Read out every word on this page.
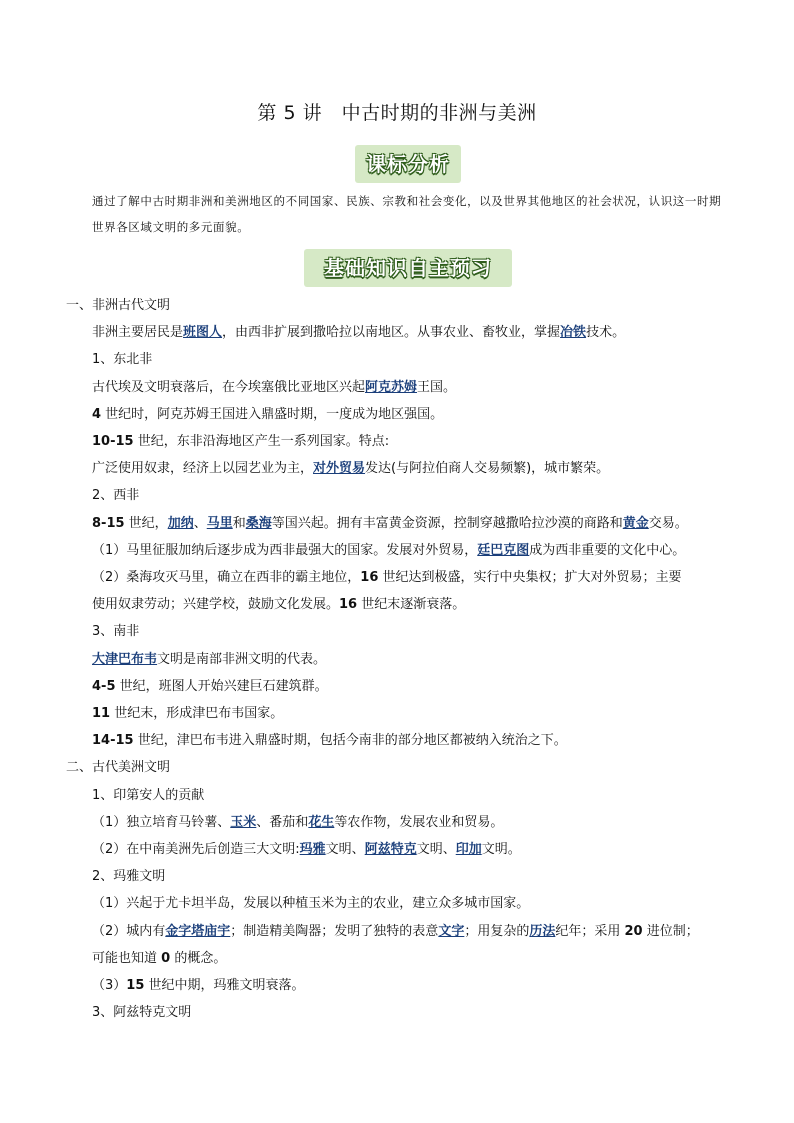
第 5 讲　中古时期的非洲与美洲
课标分析
通过了解中古时期非洲和美洲地区的不同国家、民族、宗教和社会变化，以及世界其他地区的社会状况，认识这一时期世界各区域文明的多元面貌。
基础知识自主预习
一、非洲古代文明
非洲主要居民是班图人，由西非扩展到撒哈拉以南地区。从事农业、畜牧业，掌握冶铁技术。
1、东北非
古代埃及文明衰落后，在今埃塞俄比亚地区兴起阿克苏姆王国。
4 世纪时，阿克苏姆王国进入鼎盛时期，一度成为地区强国。
10-15 世纪，东非沿海地区产生一系列国家。特点:
广泛使用奴隶，经济上以园艺业为主，对外贸易发达(与阿拉伯商人交易频繁)，城市繁荣。
2、西非
8-15 世纪，加纳、马里和桑海等国兴起。拥有丰富黄金资源，控制穿越撒哈拉沙漠的商路和黄金交易。
（1）马里征服加纳后逐步成为西非最强大的国家。发展对外贸易，廷巴克图成为西非重要的文化中心。
（2）桑海攻灭马里，确立在西非的霸主地位，16 世纪达到极盛，实行中央集权；扩大对外贸易；主要
使用奴隶劳动；兴建学校，鼓励文化发展。16 世纪末逐渐衰落。
3、南非
大津巴布韦文明是南部非洲文明的代表。
4-5 世纪，班图人开始兴建巨石建筑群。
11 世纪末，形成津巴布韦国家。
14-15 世纪，津巴布韦进入鼎盛时期，包括今南非的部分地区都被纳入统治之下。
二、古代美洲文明
1、印第安人的贡献
（1）独立培育马铃薯、玉米、番茄和花生等农作物，发展农业和贸易。
（2）在中南美洲先后创造三大文明:玛雅文明、阿兹特克文明、印加文明。
2、玛雅文明
（1）兴起于尤卡坦半岛，发展以种植玉米为主的农业，建立众多城市国家。
（2）城内有金字塔庙宇；制造精美陶器；发明了独特的表意文字；用复杂的历法纪年；采用 20 进位制；
可能也知道 0 的概念。
（3）15 世纪中期，玛雅文明衰落。
3、阿兹特克文明
